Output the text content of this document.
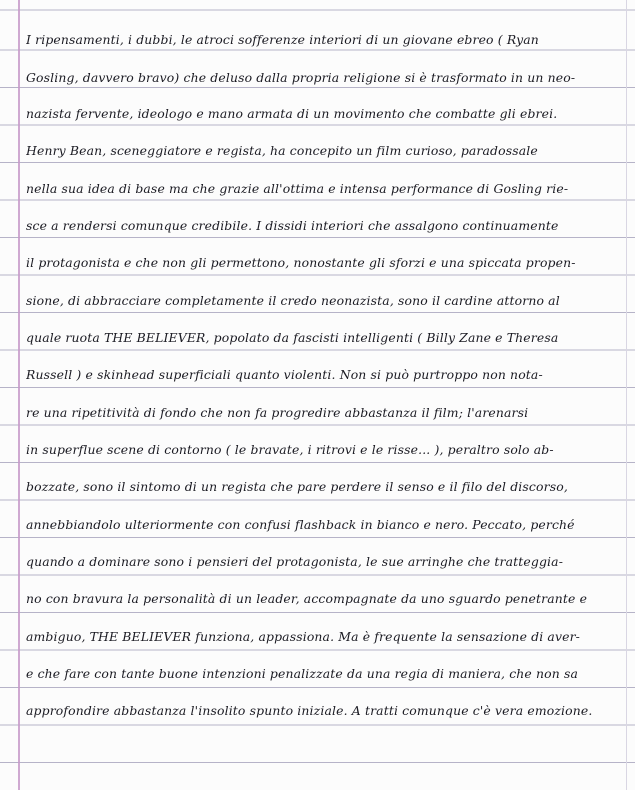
I ripensamenti, i dubbi, le atroci sofferenze interiori di un giovane ebreo ( Ryan
Gosling, davvero bravo) che deluso dalla propria religione si è trasformato in un neo-
nazista fervente, ideologo e mano armata di un movimento che combatte gli ebrei.
Henry Bean, sceneggiatore e regista, ha concepito un film curioso, paradossale
nella sua idea di base ma che grazie all'ottima e intensa performance di Gosling rie-
sce a rendersi comunque credibile. I dissidi interiori che assalgono continuamente
il protagonista e che non gli permettono, nonostante gli sforzi e una spiccata propen-
sione, di abbracciare completamente il credo neonazista, sono il cardine attorno al
quale ruota THE BELIEVER, popolato da fascisti intelligenti ( Billy Zane e Theresa
Russell ) e skinhead superficiali quanto violenti. Non si può purtroppo non nota-
re una ripetitività di fondo che non fa progredire abbastanza il film; l'arenarsi
in superflue scene di contorno ( le bravate, i ritrovi e le risse... ), peraltro solo ab-
bozzate, sono il sintomo di un regista che pare perdere il senso e il filo del discorso,
annebbiandolo ulteriormente con confusi flashback in bianco e nero. Peccato, perché
quando a dominare sono i pensieri del protagonista, le sue arringhe che tratteggia-
no con bravura la personalità di un leader, accompagnate da uno sguardo penetrante e
ambiguo, THE BELIEVER funziona, appassiona. Ma è frequente la sensazione di aver-
e che fare con tante buone intenzioni penalizzate da una regia di maniera, che non sa
approfondire abbastanza l'insolito spunto iniziale. A tratti comunque c'è vera emozione.
